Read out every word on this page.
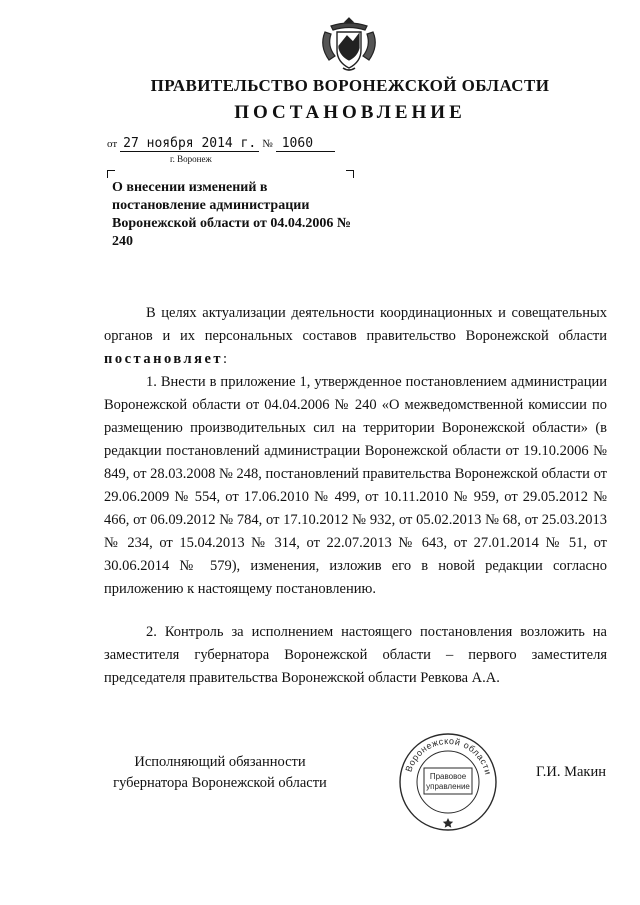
ПРАВИТЕЛЬСТВО ВОРОНЕЖСКОЙ ОБЛАСТИ
ПОСТАНОВЛЕНИЕ
от 27 ноября 2014 г. № 1060
г. Воронеж
О внесении изменений в постановление администрации Воронежской области от 04.04.2006 № 240
В целях актуализации деятельности координационных и совещательных органов и их персональных составов правительство Воронежской области постановляет:
1. Внести в приложение 1, утвержденное постановлением администрации Воронежской области от 04.04.2006 № 240 «О межведомственной комиссии по размещению производительных сил на территории Воронежской области» (в редакции постановлений администрации Воронежской области от 19.10.2006 № 849, от 28.03.2008 № 248, постановлений правительства Воронежской области от 29.06.2009 № 554, от 17.06.2010 № 499, от 10.11.2010 № 959, от 29.05.2012 № 466, от 06.09.2012 № 784, от 17.10.2012 № 932, от 05.02.2013 № 68, от 25.03.2013 № 234, от 15.04.2013 № 314, от 22.07.2013 № 643, от 27.01.2014 № 51, от 30.06.2014 № 579), изменения, изложив его в новой редакции согласно приложению к настоящему постановлению.
2. Контроль за исполнением настоящего постановления возложить на заместителя губернатора Воронежской области – первого заместителя председателя правительства Воронежской области Ревкова А.А.
Исполняющий обязанности
губернатора Воронежской области
Воронежской области
Правовое
управление
Г.И. Макин
